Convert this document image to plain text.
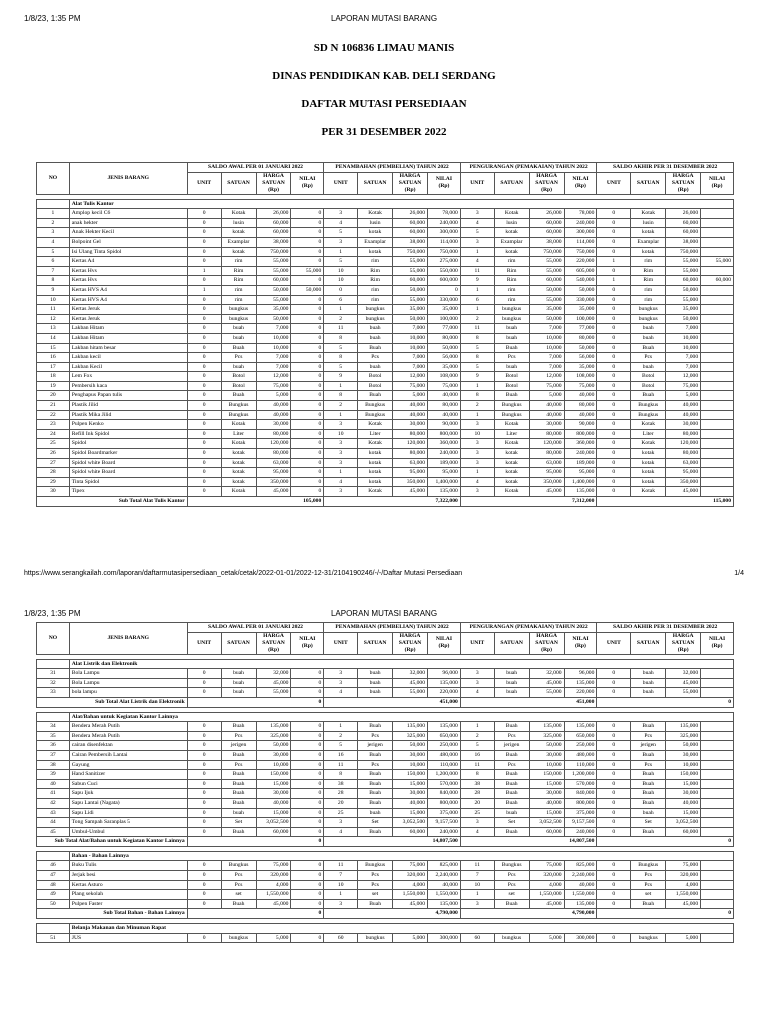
1/8/23, 1:35 PM	LAPORAN MUTASI BARANG
SD N 106836 LIMAU MANIS
DINAS PENDIDIKAN KAB. DELI SERDANG
DAFTAR MUTASI PERSEDIAAN
PER 31 DESEMBER 2022
NO	JENIS BARANG	SALDO AWAL PER 01 JANUARI 2022				PENAMBAHAN (PEMBELIAN) TAHUN 2022				PENGURANGAN (PEMAKAIAN) TAHUN 2022				SALDO AKHIR PER 31 DESEMBER 2022			
		UNIT	SATUAN	HARGA SATUAN (Rp)	NILAI (Rp)	UNIT	SATUAN	HARGA SATUAN (Rp)	NILAI (Rp)	UNIT	SATUAN	HARGA SATUAN (Rp)	NILAI (Rp)	UNIT	SATUAN	HARGA SATUAN (Rp)	NILAI (Rp)

	Alat Tulis Kantor																
1	Amplop kecil C6	0	Kotak	26,000	0	3	Kotak	26,000	78,000	3	Kotak	26,000	78,000	0	Kotak	26,000	
2	anak hekter	0	lusin	60,000	0	4	lusin	60,000	240,000	4	lusin	60,000	240,000	0	lusin	60,000	
3	Anak Hekter Kecil	0	kotak	60,000	0	5	kotak	60,000	300,000	5	kotak	60,000	300,000	0	kotak	60,000	
4	Bolpoint Gel	0	Examplar	38,000	0	3	Examplar	38,000	114,000	3	Examplar	38,000	114,000	0	Examplar	38,000	
5	Isi Ulang Tinta Spidol	0	kotak	750,000	0	1	kotak	750,000	750,000	1	kotak	750,000	750,000	0	kotak	750,000	
6	Kertas A4	0	rim	55,000	0	5	rim	55,000	275,000	4	rim	55,000	220,000	1	rim	55,000	55,000
7	Kertas Hvs	1	Rim	55,000	55,000	10	Rim	55,000	550,000	11	Rim	55,000	605,000	0	Rim	55,000	
8	Kertas Hvs	0	Rim	60,000	0	10	Rim	60,000	600,000	9	Rim	60,000	540,000	1	Rim	60,000	60,000
9	Kertas HVS A4	1	rim	50,000	50,000	0	rim	50,000	0	1	rim	50,000	50,000	0	rim	50,000	
10	Kertas HVS A4	0	rim	55,000	0	6	rim	55,000	330,000	6	rim	55,000	330,000	0	rim	55,000	
11	Kertas Jeruk	0	bungkus	35,000	0	1	bungkus	35,000	35,000	1	bungkus	35,000	35,000	0	bungkus	35,000	
12	Kertas Jeruk	0	bungkus	50,000	0	2	bungkus	50,000	100,000	2	bungkus	50,000	100,000	0	bungkus	50,000	
13	Lakban Hitam	0	buah	7,000	0	11	buah	7,000	77,000	11	buah	7,000	77,000	0	buah	7,000	
14	Lakban Hitam	0	buah	10,000	0	8	buah	10,000	80,000	8	buah	10,000	80,000	0	buah	10,000	
15	Lakban hitam besar	0	Buah	10,000	0	5	Buah	10,000	50,000	5	Buah	10,000	50,000	0	Buah	10,000	
16	Lakban kecil	0	Pcs	7,000	0	8	Pcs	7,000	56,000	8	Pcs	7,000	56,000	0	Pcs	7,000	
17	Lakban Kecil	0	buah	7,000	0	5	buah	7,000	35,000	5	buah	7,000	35,000	0	buah	7,000	
18	Lem Fox	0	Botol	12,000	0	9	Botol	12,000	108,000	9	Botol	12,000	108,000	0	Botol	12,000	
19	Pembersih kaca	0	Botol	75,000	0	1	Botol	75,000	75,000	1	Botol	75,000	75,000	0	Botol	75,000	
20	Penghapus Papan tulis	0	Buah	5,000	0	8	Buah	5,000	40,000	8	Buah	5,000	40,000	0	Buah	5,000	
21	Plastik Jilid	0	Bungkus	40,000	0	2	Bungkus	40,000	80,000	2	Bungkus	40,000	80,000	0	Bungkus	40,000	
22	Plastik Mika Jilid	0	Bungkus	40,000	0	1	Bungkus	40,000	40,000	1	Bungkus	40,000	40,000	0	Bungkus	40,000	
23	Pulpen Kenko	0	Kotak	30,000	0	3	Kotak	30,000	90,000	3	Kotak	30,000	90,000	0	Kotak	30,000	
24	Refill Ink Spidol	0	Liter	80,000	0	10	Liter	80,000	800,000	10	Liter	80,000	800,000	0	Liter	80,000	
25	Spidol	0	Kotak	120,000	0	3	Kotak	120,000	360,000	3	Kotak	120,000	360,000	0	Kotak	120,000	
26	Spidol Boardmarker	0	kotak	80,000	0	3	kotak	80,000	240,000	3	kotak	80,000	240,000	0	kotak	80,000	
27	Spidol white Board	0	kotak	63,000	0	3	kotak	63,000	189,000	3	kotak	63,000	189,000	0	kotak	63,000	
28	Spidol white Board	0	kotak	95,000	0	1	kotak	95,000	95,000	1	kotak	95,000	95,000	0	kotak	95,000	
29	Tinta Spidol	0	kotak	350,000	0	4	kotak	350,000	1,400,000	4	kotak	350,000	1,400,000	0	kotak	350,000	
30	Tipex	0	Kotak	45,000	0	3	Kotak	45,000	135,000	3	Kotak	45,000	135,000	0	Kotak	45,000	
Sub Total Alat Tulis Kantor		105,000				7,322,000				7,312,000				115,000			
https://www.serangkailah.com/laporan/daftarmutasipersediaan_cetak/cetak/2022-01-01/2022-12-31/2104190246/-/-/Daftar Mutasi Persediaan	1/4
1/8/23, 1:35 PM	LAPORAN MUTASI BARANG
NO	JENIS BARANG	SALDO AWAL PER 01 JANUARI 2022				PENAMBAHAN (PEMBELIAN) TAHUN 2022				PENGURANGAN (PEMAKAIAN) TAHUN 2022				SALDO AKHIR PER 31 DESEMBER 2022			
		UNIT	SATUAN	HARGA SATUAN (Rp)	NILAI (Rp)	UNIT	SATUAN	HARGA SATUAN (Rp)	NILAI (Rp)	UNIT	SATUAN	HARGA SATUAN (Rp)	NILAI (Rp)	UNIT	SATUAN	HARGA SATUAN (Rp)	NILAI (Rp)

	Alat Listrik dan Elektronik																
31	Bola Lampu	0	buah	32,000	0	3	buah	32,000	96,000	3	buah	32,000	96,000	0	buah	32,000	
32	Bola Lampu	0	buah	45,000	0	3	buah	45,000	135,000	3	buah	45,000	135,000	0	buah	45,000	
33	bola lampu	0	buah	55,000	0	4	buah	55,000	220,000	4	buah	55,000	220,000	0	buah	55,000	
Sub Total Alat Listrik dan Elektronik		0				451,000				451,000				0			

	Alat/Bahan untuk Kegiatan Kantor Lainnya																
34	Bendera Merah Putih	0	Buah	135,000	0	1	Buah	135,000	135,000	1	Buah	135,000	135,000	0	Buah	135,000	
35	Bendera Merah Putih	0	Pcs	325,000	0	2	Pcs	325,000	650,000	2	Pcs	325,000	650,000	0	Pcs	325,000	
36	cairan disenfektan	0	jerigen	50,000	0	5	jerigen	50,000	250,000	5	jerigen	50,000	250,000	0	jerigen	50,000	
37	Cairan Pembersih Lantai	0	Buah	30,000	0	16	Buah	30,000	480,000	16	Buah	30,000	480,000	0	Buah	30,000	
38	Gayung	0	Pcs	10,000	0	11	Pcs	10,000	110,000	11	Pcs	10,000	110,000	0	Pcs	10,000	
39	Hand Sanitizer	0	Buah	150,000	0	8	Buah	150,000	1,200,000	8	Buah	150,000	1,200,000	0	Buah	150,000	
40	Sabun Cuci	0	Buah	15,000	0	38	Buah	15,000	570,000	38	Buah	15,000	570,000	0	Buah	15,000	
41	Sapu Ijuk	0	Buah	30,000	0	28	Buah	30,000	840,000	28	Buah	30,000	840,000	0	Buah	30,000	
42	Sapu Lantai (Nagata)	0	Buah	40,000	0	20	Buah	40,000	800,000	20	Buah	40,000	800,000	0	Buah	40,000	
43	Sapu Lidi	0	buah	15,000	0	25	buah	15,000	375,000	25	buah	15,000	375,000	0	buah	15,000	
44	Tong Sampah Saranplas 5	0	Set	3,052,500	0	3	Set	3,052,500	9,157,500	3	Set	3,052,500	9,157,500	0	Set	3,052,500	
45	Umbul-Umbul	0	Buah	60,000	0	4	Buah	60,000	240,000	4	Buah	60,000	240,000	0	Buah	60,000	
Sub Total Alat/Bahan untuk Kegiatan Kantor Lainnya		0				14,807,500				14,807,500				0			

	Bahan - Bahan Lainnya																
46	Buku Tulis	0	Bungkus	75,000	0	11	Bungkus	75,000	825,000	11	Bungkus	75,000	825,000	0	Bungkus	75,000	
47	Jerjak besi	0	Pcs	320,000	0	7	Pcs	320,000	2,240,000	7	Pcs	320,000	2,240,000	0	Pcs	320,000	
48	Kertas Asturo	0	Pcs	4,000	0	10	Pcs	4,000	40,000	10	Pcs	4,000	40,000	0	Pcs	4,000	
49	Plang sekolah	0	set	1,550,000	0	1	set	1,550,000	1,550,000	1	set	1,550,000	1,550,000	0	set	1,550,000	
50	Pulpen Faster	0	Buah	45,000	0	3	Buah	45,000	135,000	3	Buah	45,000	135,000	0	Buah	45,000	
Sub Total Bahan - Bahan Lainnya		0				4,790,000				4,790,000				0			

	Belanja Makanan dan Minuman Rapat																
51	JUS	0	bungkus	5,000	0	60	bungkus	5,000	300,000	60	bungkus	5,000	300,000	0	bungkus	5,000	
